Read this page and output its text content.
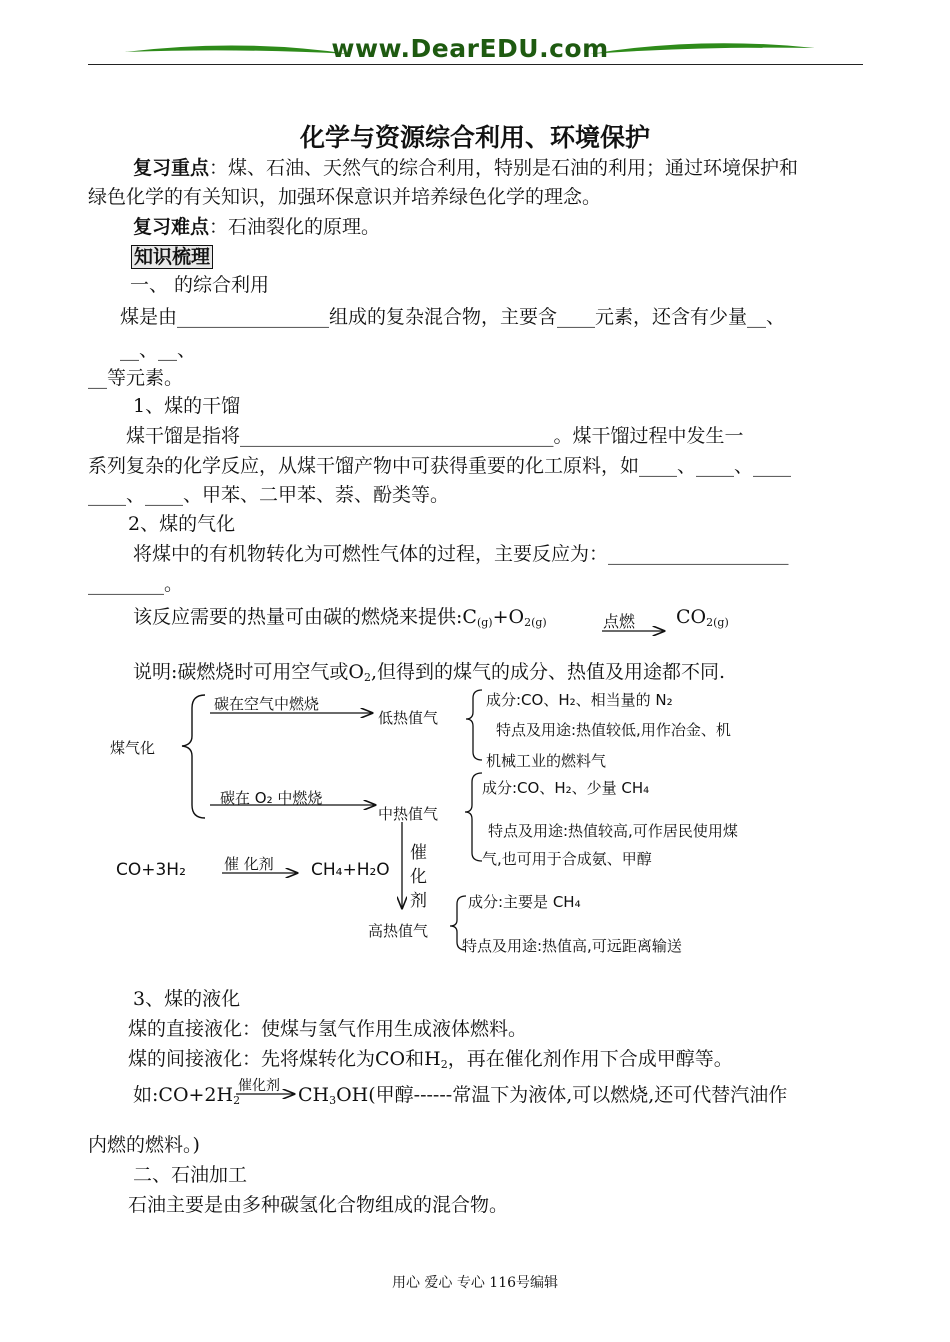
www.DearEDU.com
化学与资源综合利用、环境保护
复习重点：煤、石油、天然气的综合利用，特别是石油的利用；通过环境保护和
绿色化学的有关知识，加强环保意识并培养绿色化学的理念。
复习难点：石油裂化的原理。
知识梳理
一、 的综合利用
煤是由________________组成的复杂混合物，主要含____元素，还含有少量__、
__、__、
__等元素。
1、煤的干馏
煤干馏是指将_________________________________。煤干馏过程中发生一
系列复杂的化学反应，从煤干馏产物中可获得重要的化工原料，如____、____、____
____、____、甲苯、二甲苯、萘、酚类等。
2、煤的气化
将煤中的有机物转化为可燃性气体的过程，主要反应为：___________________
________。
该反应需要的热量可由碳的燃烧来提供$:C_{(g)}+O_{2(g)}$	点燃 $CO_{2(g)}$
说明:碳燃烧时可用空气或$O_2$,但得到的煤气的成分、热值及用途都不同.
煤气化
碳在空气中燃烧
低热值气
成分:CO、H₂、相当量的 N₂
特点及用途:热值较低,用作冶金、机
机械工业的燃料气
碳在 O₂ 中燃烧
中热值气
成分:CO、H₂、少量 CH₄
特点及用途:热值较高,可作居民使用煤
气,也可用于合成氨、甲醇
CO+3H₂	催 化剂 CH₄+H₂O
催
化
剂
高热值气
成分:主要是 CH₄
特点及用途:热值高,可远距离输送
3、煤的液化
煤的直接液化：使煤与氢气作用生成液体燃料。
煤的间接液化：先将煤转化为CO和$H_2$，再在催化剂作用下合成甲醇等。
如$:CO+2H_2$
催化剂 $CH_3OH$(甲醇------常温下为液体,可以燃烧,还可代替汽油作
内燃的燃料。)
二、石油加工
石油主要是由多种碳氢化合物组成的混合物。
用心 爱心 专心 116号编辑
